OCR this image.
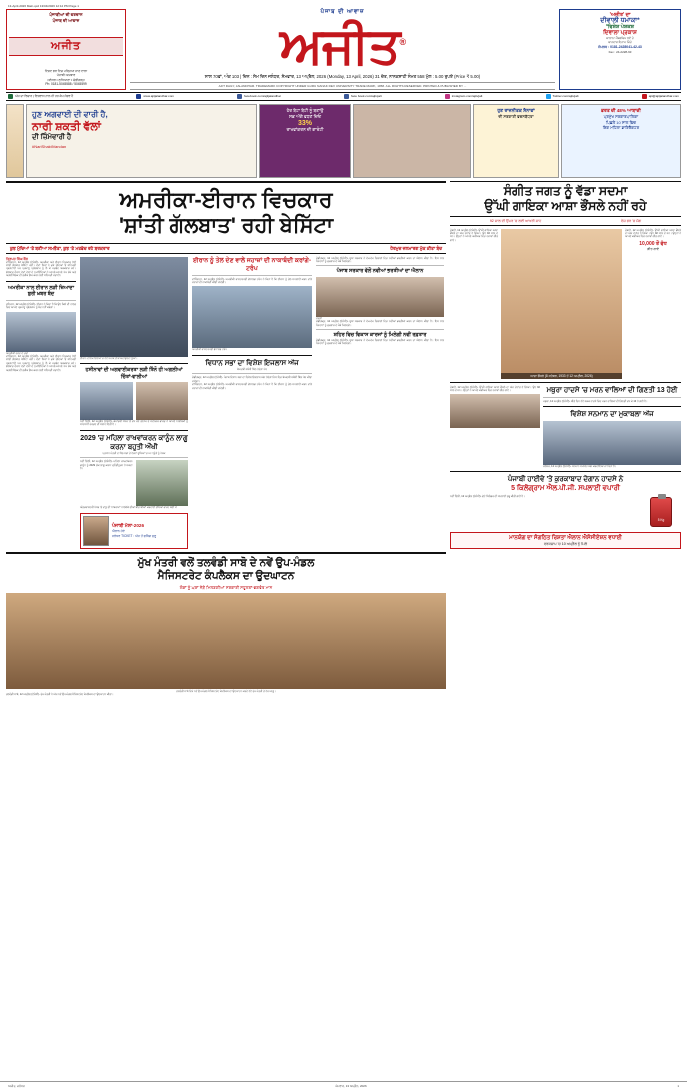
13-April-2026 Main.qxd 13/04/2026 12:12 PM Page 1
ਪੰਜਾਬੀਆਂ ਦੀ ਵਰਦਾਨ
ਪੰਜਾਬ ਦੀ ਆਵਾਜ਼
ਅਜੀਤ
ਵਿਸ਼ਵ ਭਰ ਵਿਚ ਪੜ੍ਹਿਆ ਜਾਣ ਵਾਲਾ
ਪੰਜਾਬੀ ਅਖ਼ਬਾਰ
ਜਲੰਧਰ • ਲੁਧਿਆਣਾ • ਚੰਡੀਗੜ੍ਹ
Ph: 0181-5045588 / 5045599
ਪੰਜਾਬ ਦੀ ਆਵਾਜ਼
ਅਜੀਤ®
ਸਾਲ 70ਵਾਂ, ਅੰਕ 103 | ਦਿਨ : ਸੋਮ ਦਿਨ ਜਲੰਧਰ, ਸੋਮਵਾਰ, 13 ਅਪ੍ਰੈਲ, 2026 (Monday, 13 April, 2026) 31 ਚੇਤ, ਨਾਨਕਸ਼ਾਹੀ ਸੰਮਤ 558 ਮੁੱਲ : 5.00 ਰੁਪਏ (Price ₹ 5.00)
AJIT DAILY, JALANDHAR. TRADEMARK COPYRIGHT UNDER GURU NANAK DEV UNIVERSITY TRADE MARK, 1958. ALL RIGHTS RESERVED. PRINTED & PUBLISHED BY ...
'ਅਜੀਤ' ਦਾ
ਦੀਵਾਲੀ ਧਮਾਕਾ*
*ਵਿਸ਼ੇਸ਼ ਪੇਸ਼ਕਸ਼
ਦਿਵਾਲਾ ਪ੍ਰਕਾਸ਼
ਸਾਲਾਨਾ ਮੈਂਬਰਸ਼ਿਪ ਲਵੋ ਤੇ
ਸ਼ਾਨਦਾਰ ਇਨਾਮ ਜਿੱਤੋ
ਸੰਪਰਕ : 0181-2428041-42-43
Fax : 24-2228-93
ਅੱਜ ਦਾ ਵਿਚਾਰ | ਵਿਸ਼ਵਾਸ ਨਾਲ ਹੀ ਹਰ ਕੰਮ ਸੰਭਵ ਹੈ	www.ajitjalandhar.com	facebook.com/ajitjalandhar	face book.com/ajitvjalt	instagram.com/ajitvjalt	Twitter.com/ajitvjalt	ajit@ajitjalandhar.com
ਹੁਣ ਅਗਵਾਈ ਦੀ ਵਾਰੀ ਹੈ,
ਨਾਰੀ ਸ਼ਕਤੀ ਵੱਲਾਂ
ਦੀ ਜ਼ਿੰਮੇਵਾਰੀ ਹੈ
#NariShaktiVandan
ਹੋਰ ਬੇਟਾ ਬੇਟੀ ਨੂੰ ਬਣਾਉ
ਸਭ ਅੱਗੇ ਵਧਣ ਦਿਓ
33%
ਰਾਖਵਾਂਕਰਨ ਦੀ ਗਾਰੰਟੀ
ਹੁਣ ਰਾਜਨੀਤਕ ਸੈਨਾਵਾਂ
ਦੀ ਸਰਕਾਰੀ ਵਚਨਬੱਧਤਾ
ਭਰਤ ਦੀ 48% ਆਬਾਦੀ
ਪ੍ਰਮੁੱਖ ਸਰਕਾਰਪਾਲਿਕਾ
ਪਿਛਲੇ 10 ਸਾਲ ਵਿਚ
ਇਕ ਮਹਿਲਾ ਡਾਇਰੈਕਟਰ
ਅਮਰੀਕਾ-ਈਰਾਨ ਵਿਚਕਾਰ
'ਸ਼ਾਂਤੀ ਗੱਲਬਾਤ' ਰਹੀ ਬੇਸਿੱਟਾ
ਕੁਝ ਮੁੱਦਿਆਂ 'ਤੇ ਬਣੀਆ ਸਮਝੌਤਾ, ਕੁਝ 'ਤੇ ਮਤਭੇਦ ਰਹੇ ਬਰਕਰਾਰ	ਹੋਰਮੁਜ਼ ਜਲਮਾਰਗ ਮੁੱਕ ਕੀਤਾ ਬੰਦ
ਤ੍ਰਿਪਤ ਸਿੰਘ ਬੈਂਸ
ਵਾਸ਼ਿੰਗਟਨ, 12 ਅਪ੍ਰੈਲ (ਏਜੰਸੀ)- ਅਮਰੀਕਾ ਅਤੇ ਈਰਾਨ ਵਿਚਕਾਰ ਹੋਈ ਸ਼ਾਂਤੀ ਗੱਲਬਾਤ ਬੇਸਿੱਟਾ ਰਹੀ। ਦੋਵਾਂ ਧਿਰਾਂ ਨੇ ਕੁਝ ਮੁੱਦਿਆਂ 'ਤੇ ਸਹਿਮਤੀ ਪ੍ਰਗਟਾਈ ਪਰ ਪ੍ਰਮਾਣੂ ਪ੍ਰੋਗਰਾਮ ਨੂੰ ਲੈ ਕੇ ਮਤਭੇਦ ਬਰਕਰਾਰ ਰਹੇ। ਗੱਲਬਾਤ ਦੌਰਾਨ ਦੋਵਾਂ ਦੇਸ਼ਾਂ ਦੇ ਨੁਮਾਇੰਦਿਆਂ ਨੇ ਆਪਣੇ-ਆਪਣੇ ਪੱਖ ਰੱਖੇ ਅਤੇ ਅਗਲੀ ਬੈਠਕ ਦੀ ਤਰੀਕ ਤੈਅ ਕਰਨ ਲਈ ਸਹਿਮਤੀ ਜਤਾਈ।
ਅਮਰੀਕਾ ਨਾਲ ਈਰਾਨ ਲੜੀ ਜ਼ਿਆਦਾ ਬੁਰੀ ਖ਼ਬਰ ਬੰਦ
ਤਹਿਰਾਨ, 12 ਅਪ੍ਰੈਲ (ਏਜੰਸੀ)- ਈਰਾਨ ਨੇ ਕਿਹਾ ਹੈ ਕਿ ਉਹ ਕਿਸੇ ਵੀ ਹਾਲਤ ਵਿਚ ਆਪਣੇ ਪ੍ਰਮਾਣੂ ਪ੍ਰੋਗਰਾਮ ਨੂੰ ਬੰਦ ਨਹੀਂ ਕਰੇਗਾ।
ਅਮਰੀਕੀ ਵਫ਼ਦ ਦੇ ਮੁਖੀ
ਵਾਸ਼ਿੰਗਟਨ, 12 ਅਪ੍ਰੈਲ (ਏਜੰਸੀ)- ਅਮਰੀਕਾ ਅਤੇ ਈਰਾਨ ਵਿਚਕਾਰ ਹੋਈ ਸ਼ਾਂਤੀ ਗੱਲਬਾਤ ਬੇਸਿੱਟਾ ਰਹੀ। ਦੋਵਾਂ ਧਿਰਾਂ ਨੇ ਕੁਝ ਮੁੱਦਿਆਂ 'ਤੇ ਸਹਿਮਤੀ ਪ੍ਰਗਟਾਈ ਪਰ ਪ੍ਰਮਾਣੂ ਪ੍ਰੋਗਰਾਮ ਨੂੰ ਲੈ ਕੇ ਮਤਭੇਦ ਬਰਕਰਾਰ ਰਹੇ। ਗੱਲਬਾਤ ਦੌਰਾਨ ਦੋਵਾਂ ਦੇਸ਼ਾਂ ਦੇ ਨੁਮਾਇੰਦਿਆਂ ਨੇ ਆਪਣੇ-ਆਪਣੇ ਪੱਖ ਰੱਖੇ ਅਤੇ ਅਗਲੀ ਬੈਠਕ ਦੀ ਤਰੀਕ ਤੈਅ ਕਰਨ ਲਈ ਸਹਿਮਤੀ ਜਤਾਈ।
ਈਰਾਨ ਦੇ ਇਕ ਇਲਾਕੇ 'ਚ ਹੋਏ ਧਮਾਕੇ ਤੋਂ ਬਾਅਦ ਉਠਦਾ ਧੂੰਆਂ।
ਹਸੀਨਾਵਾਂ ਦੀ ਅਗਵਾਈਕਰਤਾ ਲੜੀ ਤਿੰਨੋ ਹੀ ਅਗਲੀਆਂ ਚਿੰਤਾਂ-ਵਾਲੀਆਂ
ਨਵੀਂ ਦਿੱਲੀ, 12 ਅਪ੍ਰੈਲ (ਏਜੰਸੀ)- ਕੌਮਾਂਤਰੀ ਪੱਧਰ 'ਤੇ ਵਧ ਰਹੇ ਤਣਾਅ ਦੇ ਮੱਦੇਨਜ਼ਰ ਭਾਰਤ ਨੇ ਆਪਣੇ ਨਾਗਰਿਕਾਂ ਨੂੰ ਸਾਵਧਾਨੀ ਵਰਤਣ ਦੀ ਸਲਾਹ ਦਿੱਤੀ ਹੈ।
2029 'ਚ ਮਹਿਲਾ ਰਾਖਵਾਂਕਰਨ ਕਾਨੂੰਨ ਲਾਗੂ ਕਰਨਾ ਬਹੁਤੀ ਔਖੀ
ਪ੍ਰਧਾਨ ਮੰਤਰੀ ਦਾ ਬੈਠ ਸਭਾ ਤੇ ਹੋਰਨਾਂ ਸੂਬਿਆਂ 'ਚ ਅਾਯੂੰਗੇ ਨੂੰ ਪੇਸ਼ਕ
ਨਵੀਂ ਦਿੱਲੀ, 12 ਅਪ੍ਰੈਲ (ਏਜੰਸੀ)- ਮਹਿਲਾ ਰਾਖਵਾਂਕਰਨ ਕਾਨੂੰਨ ਨੂੰ 2029 ਤੱਕ ਲਾਗੂ ਕਰਨਾ ਚੁਣੌਤੀਪੂਰਨ ਹੋ ਸਕਦਾ ਹੈ।
ਅੰਤਰਰਾਸ਼ਟਰੀ ਪੱਧਰ 'ਤੇ ਵਾਧੂ ਦੀ 'ਨਾਬਰਾਮਾਂ' ਨਾਲਸ਼ੋਕੋ ਦੀਆਂ ਬੀਤ ਬੀਆਂ' ਕਰਵਾਈ ਦੇਸ਼ਿਆਂ ਫਾਰਟ ਬਣੀ ਮੌਂ
ਪੰਜਾਬੀ ਮੇਲਾ-2026
ਐਲਾਨ ਹੋਏ
ਜਲੰਧਰ TICKET : ਅੱਜ ਤੋਂ ਬੁਕਿੰਗ ਸ਼ੁਰੂ
ਈਰਾਨ ਨੂੰ ਤੇਲ ਦੇਣ ਵਾਲੇ ਜਹਾਜ਼ਾਂ ਦੀ ਨਾਕਾਬੰਦੀ ਕਰਾਂਗੇ-ਟਰੰਪ
ਵਾਸ਼ਿੰਗਟਨ, 12 ਅਪ੍ਰੈਲ (ਏਜੰਸੀ)- ਅਮਰੀਕੀ ਰਾਸ਼ਟਰਪਤੀ ਡੋਨਾਲਡ ਟਰੰਪ ਨੇ ਕਿਹਾ ਹੈ ਕਿ ਈਰਾਨ ਨੂੰ ਤੇਲ ਸਪਲਾਈ ਕਰਨ ਵਾਲੇ ਜਹਾਜ਼ਾਂ ਦੀ ਨਾਕਾਬੰਦੀ ਕੀਤੀ ਜਾਵੇਗੀ।
ਅਮਰੀਕੀ ਰਾਸ਼ਟਰਪਤੀ ਡੋਨਾਲਡ ਟਰੰਪ
ਵਿਧਾਨ ਸਭਾ ਦਾ ਵਿਸ਼ੇਸ਼ ਇਜਲਾਸ ਅੱਜ
ਬੇਅਦਬੀ ਸਬੰਧੀ ਬਿੱਲ ਹੋਵੇਗਾ ਪੇਸ਼
ਚੰਡੀਗੜ੍ਹ, 12 ਅਪ੍ਰੈਲ (ਏਜੰਸੀ)- ਪੰਜਾਬ ਵਿਧਾਨ ਸਭਾ ਦਾ ਵਿਸ਼ੇਸ਼ ਇਜਲਾਸ ਅੱਜ ਹੋਵੇਗਾ ਜਿਸ ਵਿਚ ਬੇਅਦਬੀ ਸਬੰਧੀ ਬਿੱਲ ਪੇਸ਼ ਕੀਤਾ ਜਾਵੇਗਾ।
ਵਾਸ਼ਿੰਗਟਨ, 12 ਅਪ੍ਰੈਲ (ਏਜੰਸੀ)- ਅਮਰੀਕੀ ਰਾਸ਼ਟਰਪਤੀ ਡੋਨਾਲਡ ਟਰੰਪ ਨੇ ਕਿਹਾ ਹੈ ਕਿ ਈਰਾਨ ਨੂੰ ਤੇਲ ਸਪਲਾਈ ਕਰਨ ਵਾਲੇ ਜਹਾਜ਼ਾਂ ਦੀ ਨਾਕਾਬੰਦੀ ਕੀਤੀ ਜਾਵੇਗੀ।
ਚੰਡੀਗੜ੍ਹ, 12 ਅਪ੍ਰੈਲ (ਏਜੰਸੀ)- ਸੂਬਾ ਸਰਕਾਰ ਨੇ ਵੱਖ-ਵੱਖ ਵਿਭਾਗਾਂ ਵਿਚ ਨਵੀਆਂ ਭਰਤੀਆਂ ਕਰਨ ਦਾ ਐਲਾਨ ਕੀਤਾ ਹੈ। ਇਸ ਨਾਲ ਨੌਜਵਾਨਾਂ ਨੂੰ ਰੁਜ਼ਗਾਰ ਦੇ ਮੌਕੇ ਮਿਲਣਗੇ।
ਪੰਜਾਬ ਸਰਕਾਰ ਵੱਲੋਂ ਨਵੀਆਂ ਭਰਤੀਆਂ ਦਾ ਐਲਾਨ
ਮੰਤਰੀ
ਚੰਡੀਗੜ੍ਹ, 12 ਅਪ੍ਰੈਲ (ਏਜੰਸੀ)- ਸੂਬਾ ਸਰਕਾਰ ਨੇ ਵੱਖ-ਵੱਖ ਵਿਭਾਗਾਂ ਵਿਚ ਨਵੀਆਂ ਭਰਤੀਆਂ ਕਰਨ ਦਾ ਐਲਾਨ ਕੀਤਾ ਹੈ। ਇਸ ਨਾਲ ਨੌਜਵਾਨਾਂ ਨੂੰ ਰੁਜ਼ਗਾਰ ਦੇ ਮੌਕੇ ਮਿਲਣਗੇ।
ਸ਼ਹਿਰ ਵਿਚ ਵਿਕਾਸ ਕਾਰਜਾਂ ਨੂੰ ਮਿਲੇਗੀ ਨਵੀਂ ਰਫ਼ਤਾਰ
ਚੰਡੀਗੜ੍ਹ, 12 ਅਪ੍ਰੈਲ (ਏਜੰਸੀ)- ਸੂਬਾ ਸਰਕਾਰ ਨੇ ਵੱਖ-ਵੱਖ ਵਿਭਾਗਾਂ ਵਿਚ ਨਵੀਆਂ ਭਰਤੀਆਂ ਕਰਨ ਦਾ ਐਲਾਨ ਕੀਤਾ ਹੈ। ਇਸ ਨਾਲ ਨੌਜਵਾਨਾਂ ਨੂੰ ਰੁਜ਼ਗਾਰ ਦੇ ਮੌਕੇ ਮਿਲਣਗੇ।
ਮੁੱਖ ਮੰਤਰੀ ਵਲੋਂ ਤਲਵੰਡੀ ਸਾਬੋ ਦੇ ਨਵੇਂ ਉਪ-ਮੰਡਲ
ਮੈਜਿਸਟਰੇਟ ਕੰਪਲੈਕਸ ਦਾ ਉਦਘਾਟਨ
ਲੋਕਾਂ ਨੂੰ ਘਰਾਂ ਨੇੜੇ ਮਿਲਣਗੀਆਂ ਸਰਕਾਰੀ ਸਹੂਲਤਾਂ-ਭਗਵੰਤ ਮਾਨ
ਤਲਵੰਡੀ ਸਾਬੋ ਵਿਖੇ ਨਵੇਂ ਉਪ-ਮੰਡਲ ਮੈਜਿਸਟਰੇਟ ਕੰਪਲੈਕਸ ਦਾ ਉਦਘਾਟਨ ਕਰਦੇ ਹੋਏ ਮੁੱਖ ਮੰਤਰੀ ਤੇ ਹੋਰ ਆਗੂ।
ਤਲਵੰਡੀ ਸਾਬੋ, 12 ਅਪ੍ਰੈਲ (ਏਜੰਸੀ)- ਮੁੱਖ ਮੰਤਰੀ ਨੇ ਅੱਜ ਨਵੇਂ ਉਪ-ਮੰਡਲ ਮੈਜਿਸਟਰੇਟ ਕੰਪਲੈਕਸ ਦਾ ਉਦਘਾਟਨ ਕੀਤਾ।
ਸੰਗੀਤ ਜਗਤ ਨੂੰ ਵੱਡਾ ਸਦਮਾ
ਉੱਘੀ ਗਾਇਕਾ ਆਸ਼ਾ ਭੌਂਸਲੇ ਨਹੀਂ ਰਹੇ
92 ਸਾਲ ਦੀ ਉਮਰ 'ਚ ਲਈ ਆਖਰੀ ਸਾਹ	ਦੇਸ਼ ਭਰ 'ਚ ਸੋਗ
ਮੁੰਬਈ, 12 ਅਪ੍ਰੈਲ (ਏਜੰਸੀ)- ਉੱਘੀ ਗਾਇਕਾ ਆਸ਼ਾ ਭੌਂਸਲੇ ਦਾ ਅੱਜ ਦੇਹਾਂਤ ਹੋ ਗਿਆ। ਉਹ 92 ਸਾਲ ਦੇ ਸਨ। ਉਨ੍ਹਾਂ ਨੇ ਆਪਣੇ ਕਰੀਅਰ ਵਿਚ ਹਜ਼ਾਰਾਂ ਗੀਤ ਗਾਏ।
ਆਸ਼ਾ ਭੌਂਸਲੇ (8 ਸਤੰਬਰ, 1933 ਤੋਂ 12 ਅਪ੍ਰੈਲ, 2026)
ਮੁੰਬਈ, 12 ਅਪ੍ਰੈਲ (ਏਜੰਸੀ)- ਉੱਘੀ ਗਾਇਕਾ ਆਸ਼ਾ ਭੌਂਸਲੇ ਦਾ ਅੱਜ ਦੇਹਾਂਤ ਹੋ ਗਿਆ। ਉਹ 92 ਸਾਲ ਦੇ ਸਨ। ਉਨ੍ਹਾਂ ਨੇ ਆਪਣੇ ਕਰੀਅਰ ਵਿਚ ਹਜ਼ਾਰਾਂ ਗੀਤ ਗਾਏ।
10,000 ਤੋਂ ਵੱਧ
ਗੀਤ ਗਾਏ
ਮੁੰਬਈ, 12 ਅਪ੍ਰੈਲ (ਏਜੰਸੀ)- ਉੱਘੀ ਗਾਇਕਾ ਆਸ਼ਾ ਭੌਂਸਲੇ ਦਾ ਅੱਜ ਦੇਹਾਂਤ ਹੋ ਗਿਆ। ਉਹ 92 ਸਾਲ ਦੇ ਸਨ। ਉਨ੍ਹਾਂ ਨੇ ਆਪਣੇ ਕਰੀਅਰ ਵਿਚ ਹਜ਼ਾਰਾਂ ਗੀਤ ਗਾਏ।	ਮਥੁਰਾ ਹਾਦਸੇ 'ਚ ਮਰਨ ਵਾਲਿਆਂ ਦੀ ਗਿਣਤੀ 13 ਹੋਈ
ਮਥੁਰਾ, 12 ਅਪ੍ਰੈਲ (ਏਜੰਸੀ)- ਬੀਤੇ ਦਿਨ ਹੋਏ ਸੜਕ ਹਾਦਸੇ ਵਿਚ ਮਰਨ ਵਾਲਿਆਂ ਦੀ ਗਿਣਤੀ ਵਧ ਕੇ 13 ਹੋ ਗਈ ਹੈ।
ਵਿਸ਼ੇਸ਼ ਸਨਮਾਨ ਦਾ ਮੁਕਾਬਲਾ ਅੱਜ
ਜਲੰਧਰ, 12 ਅਪ੍ਰੈਲ (ਏਜੰਸੀ)- ਸਨਮਾਨ ਸਮਾਰੋਹ ਅੱਜ ਕਰਵਾਇਆ ਜਾ ਰਿਹਾ ਹੈ।
ਪੰਜਾਬੀ ਹਾਈਵੇ 'ਤੇ ਕੁਰਕਾਬਾਦ ਦੇਗਾਨ ਹਾਦਸੇ ਨੇ
5 ਕਿਲੋਗ੍ਰਾਮ ਐਲ.ਪੀ.ਜੀ. ਸਪਲਾਈ ਵਪਾਰੀ
ਨਵੀਂ ਦਿੱਲੀ, 12 ਅਪ੍ਰੈਲ (ਏਜੰਸੀ)- ਛੋਟੇ ਸਿਲੰਡਰ ਦੀ ਸਪਲਾਈ ਸ਼ੁਰੂ ਕੀਤੀ ਗਈ ਹੈ।
5 Kg
ਮਾਨਯੋਗ ਦਾ ਸੰਗਠਿਤ ਰਿਸ਼ਤਾ ਐਲਾਨ ਐਸੋਸੀਏਸ਼ਨ ਵਧਾਈ
ਵਰਕਸ਼ਾਪ 'ਚ 10 ਅਪ੍ਰੈਲ ਨੂੰ ਮਿਲੋ
ਅਜੀਤ, ਜਲੰਧਰ	ਸੋਮਵਾਰ, 13 ਅਪ੍ਰੈਲ, 2026	1
